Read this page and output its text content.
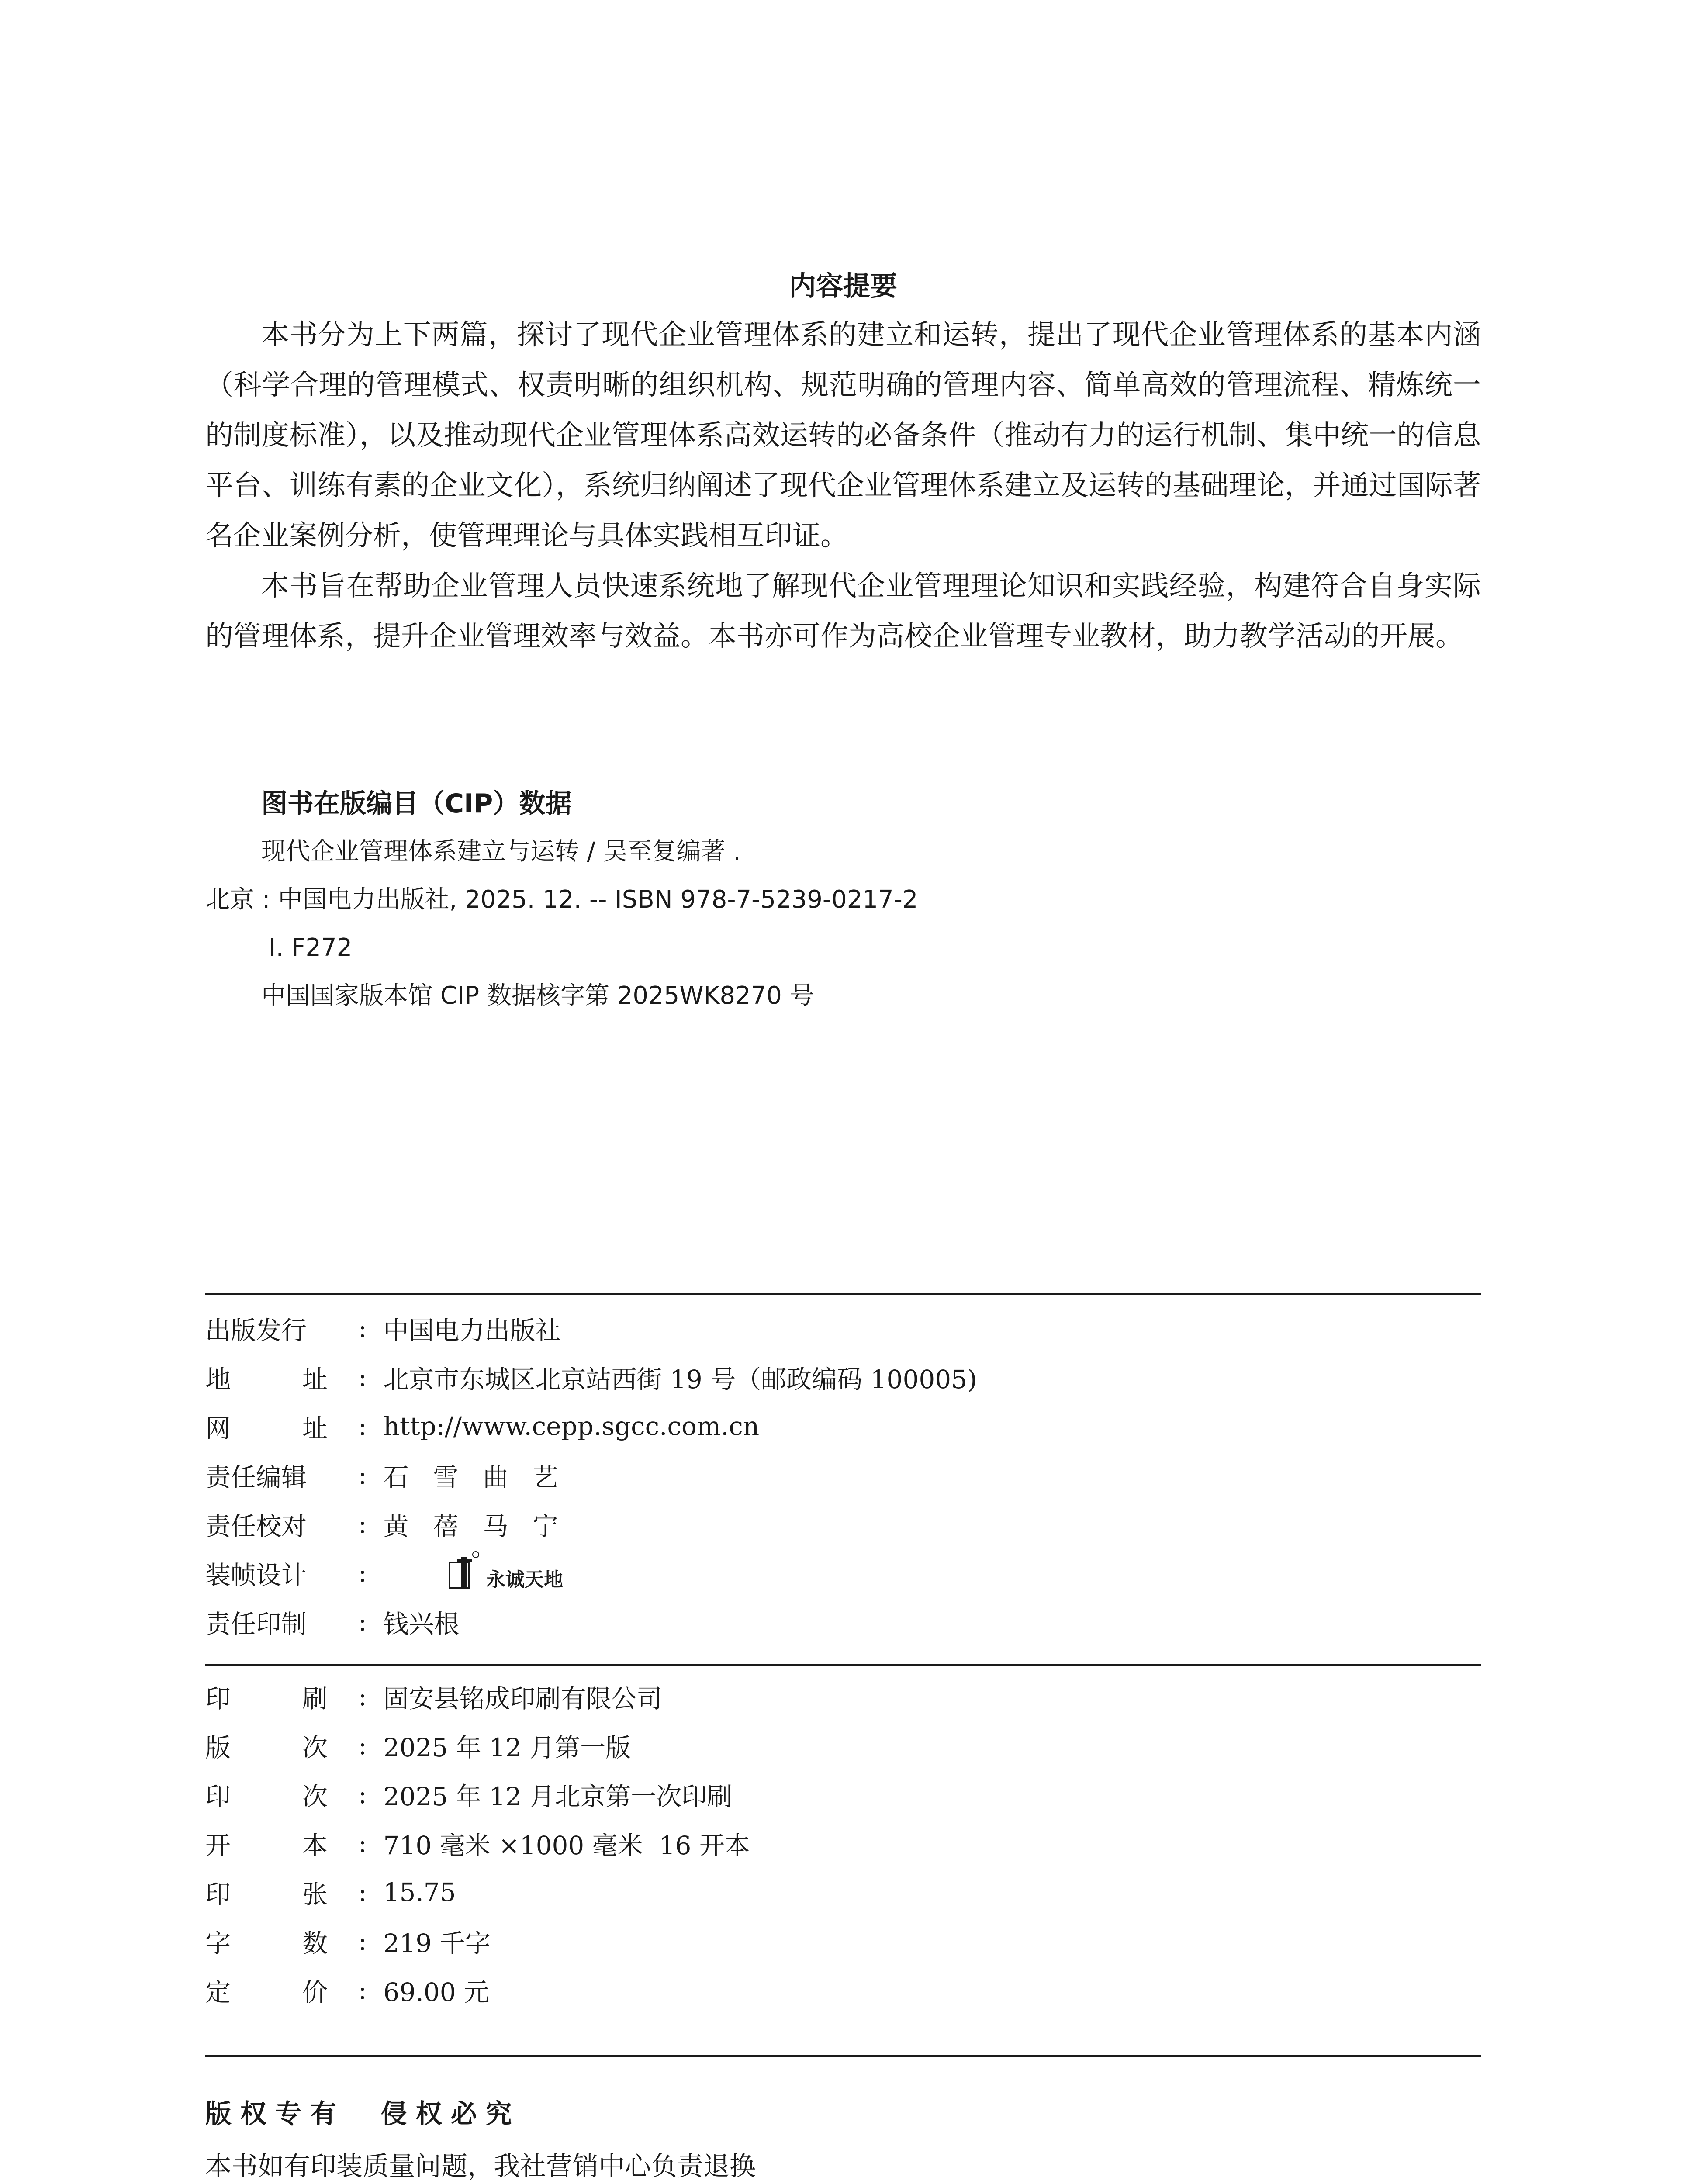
内容提要

本书分为上下两篇，探讨了现代企业管理体系的建立和运转，提出了现代企业管理体系的基本内涵（科学合理的管理模式、权责明晰的组织机构、规范明确的管理内容、简单高效的管理流程、精炼统一的制度标准），以及推动现代企业管理体系高效运转的必备条件（推动有力的运行机制、集中统一的信息平台、训练有素的企业文化），系统归纳阐述了现代企业管理体系建立及运转的基础理论，并通过国际著名企业案例分析，使管理理论与具体实践相互印证。

本书旨在帮助企业管理人员快速系统地了解现代企业管理理论知识和实践经验，构建符合自身实际的管理体系，提升企业管理效率与效益。本书亦可作为高校企业管理专业教材，助力教学活动的开展。

图书在版编目（CIP）数据
现代企业管理体系建立与运转 / 吴至复编著 .
北京 : 中国电力出版社, 2025. 12. -- ISBN 978-7-5239-0217-2
Ⅰ. F272
中国国家版本馆 CIP 数据核字第 2025WK8270 号
出版发行 : 中国电力出版社
地	址 : 北京市东城区北京站西街 19 号（邮政编码 100005)
网	址 : http://www.cepp.sgcc.com.cn
责任编辑 : 石雪曲艺
责任校对 : 黄蓓马宁
装帧设计 :

	永诚天地

责任印制 : 钱兴根
印	刷 : 固安县铭成印刷有限公司
版	次 : 2025 年 12 月第一版
印	次 : 2025 年 12 月北京第一次印刷
开	本 : 710 毫米 ×1000 毫米  16 开本
印	张 : 15.75
字	数 : 219 千字
定	价 : 69.00 元
版权专有  侵权必究
本书如有印装质量问题，我社营销中心负责退换
